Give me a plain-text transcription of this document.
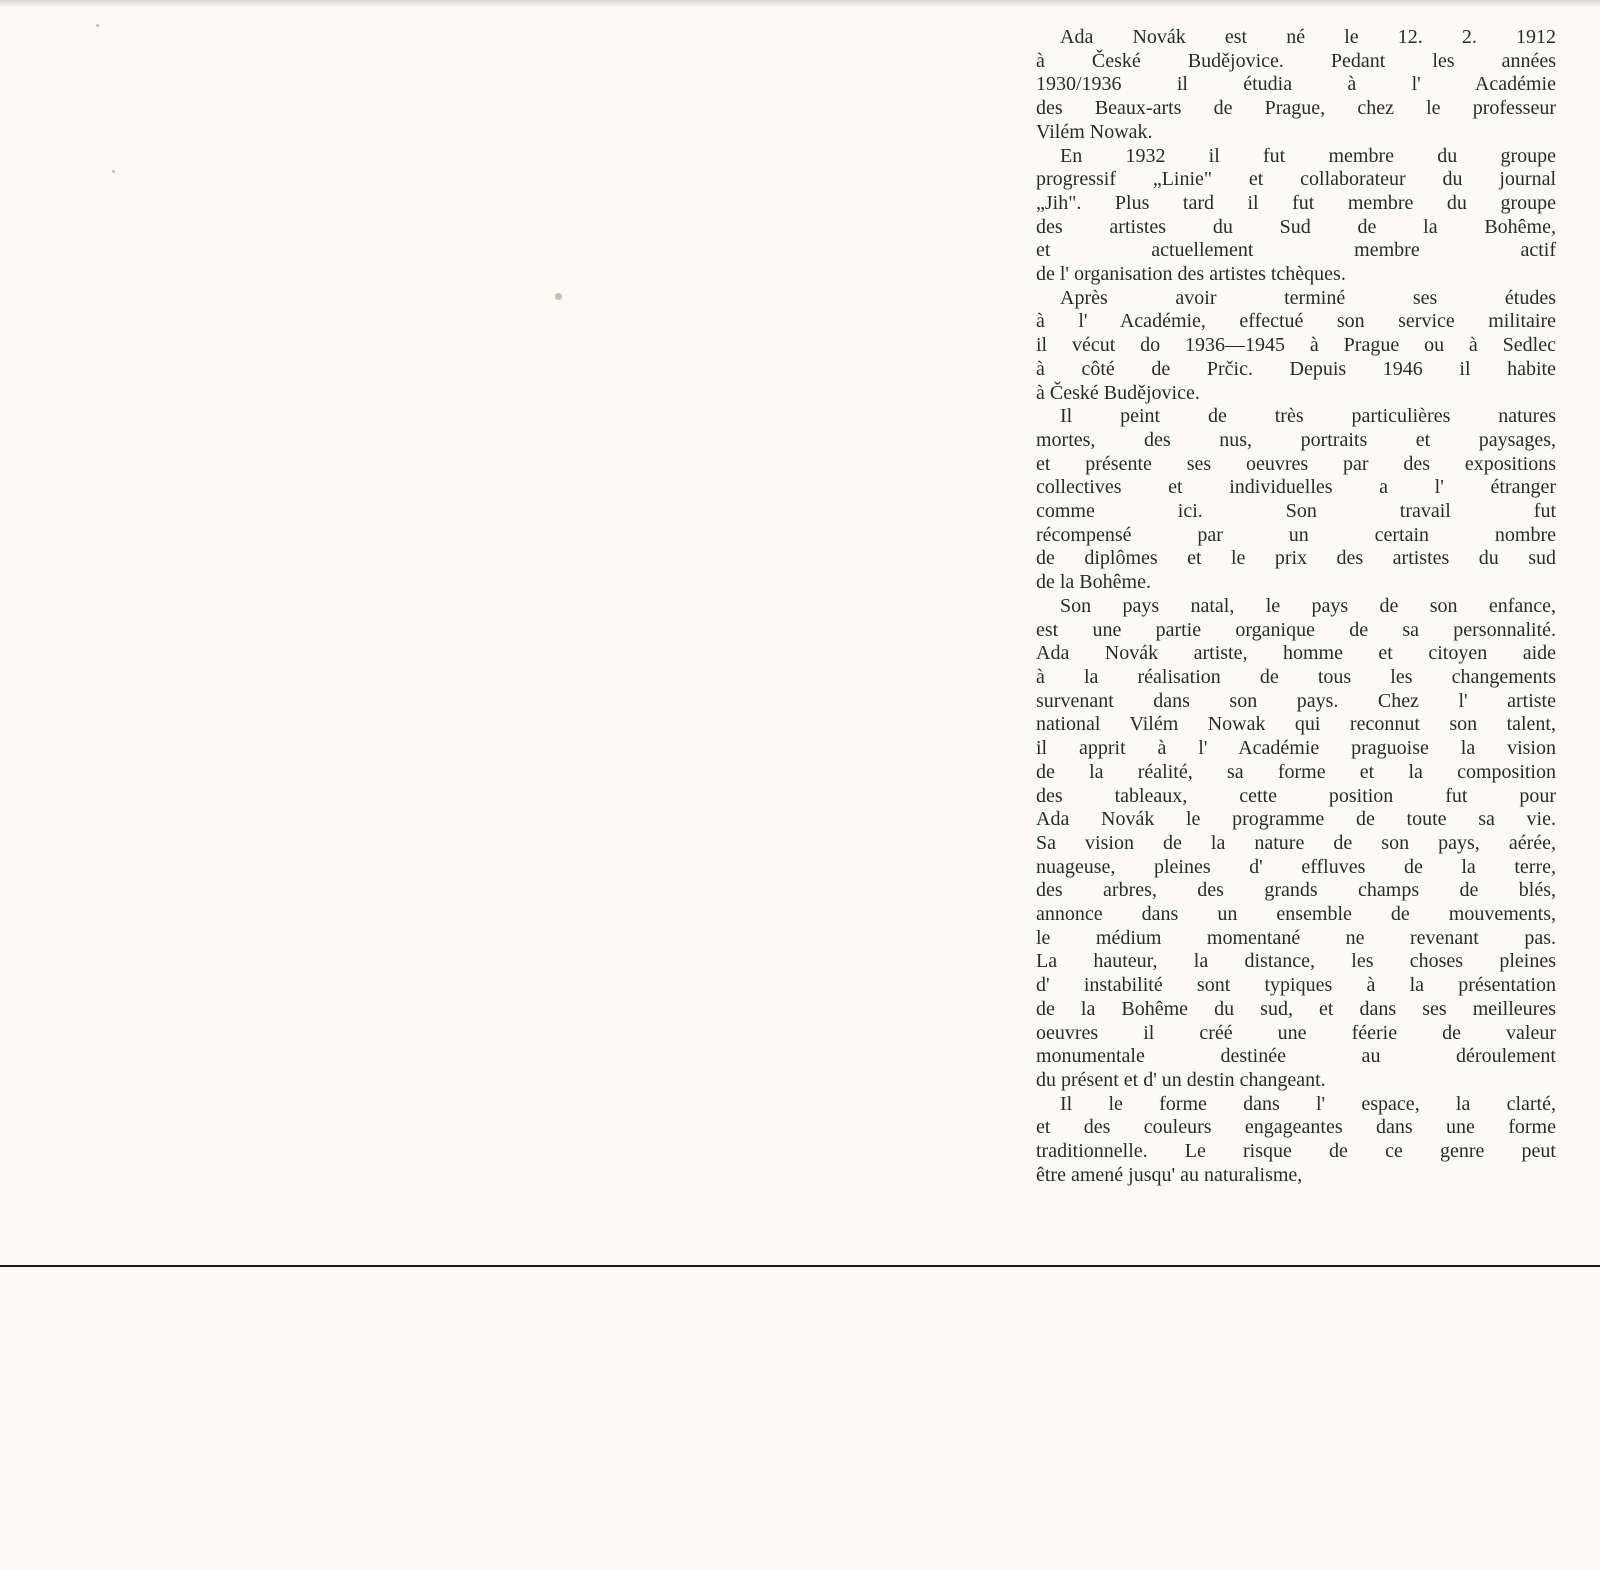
Ada Novák est né le 12. 2. 1912
à České Budějovice. Pedant les années
1930/1936 il étudia à l' Académie
des Beaux-arts de Prague, chez le professeur
Vilém Nowak.
En 1932 il fut membre du groupe
progressif „Linie" et collaborateur du journal
„Jih". Plus tard il fut membre du groupe
des artistes du Sud de la Bohême,
et actuellement membre actif
de l' organisation des artistes tchèques.
Après avoir terminé ses études
à l' Académie, effectué son service militaire
il vécut do 1936—1945 à Prague ou à Sedlec
à côté de Prčic. Depuis 1946 il habite
à České Budějovice.
Il peint de très particulières natures
mortes, des nus, portraits et paysages,
et présente ses oeuvres par des expositions
collectives et individuelles a l' étranger
comme ici. Son travail fut
récompensé par un certain nombre
de diplômes et le prix des artistes du sud
de la Bohême.
Son pays natal, le pays de son enfance,
est une partie organique de sa personnalité.
Ada Novák artiste, homme et citoyen aide
à la réalisation de tous les changements
survenant dans son pays. Chez l' artiste
national Vilém Nowak qui reconnut son talent,
il apprit à l' Académie praguoise la vision
de la réalité, sa forme et la composition
des tableaux, cette position fut pour
Ada Novák le programme de toute sa vie.
Sa vision de la nature de son pays, aérée,
nuageuse, pleines d' effluves de la terre,
des arbres, des grands champs de blés,
annonce dans un ensemble de mouvements,
le médium momentané ne revenant pas.
La hauteur, la distance, les choses pleines
d' instabilité sont typiques à la présentation
de la Bohême du sud, et dans ses meilleures
oeuvres il créé une féerie de valeur
monumentale destinée au déroulement
du présent et d' un destin changeant.
Il le forme dans l' espace, la clarté,
et des couleurs engageantes dans une forme
traditionnelle. Le risque de ce genre peut
être amené jusqu' au naturalisme,
